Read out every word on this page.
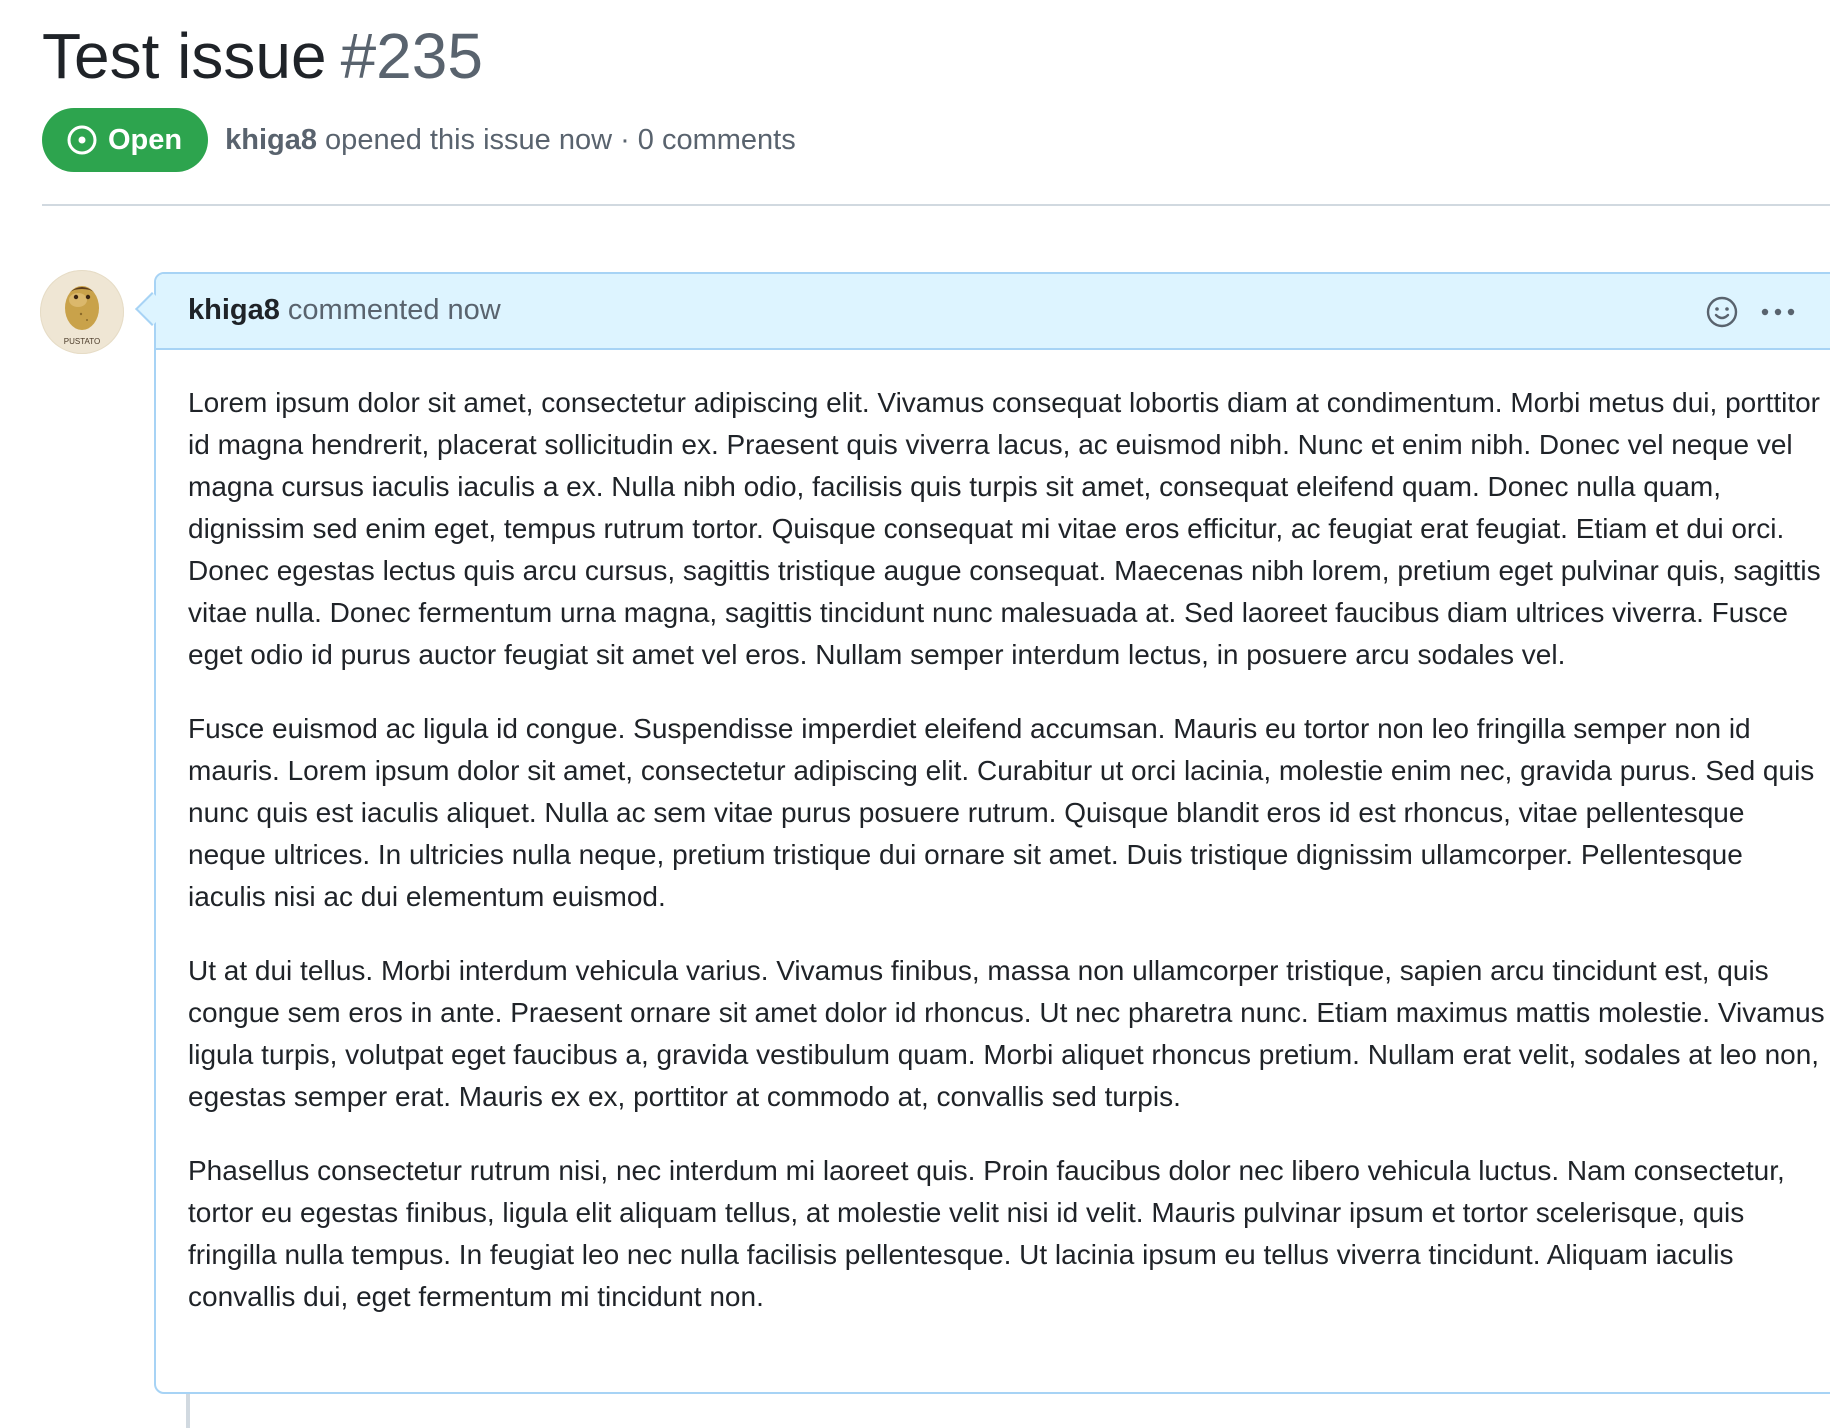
Test issue #235
Open khiga8 opened this issue now · 0 comments
PUSTATO
khiga8 commented now

Lorem ipsum dolor sit amet, consectetur adipiscing elit. Vivamus consequat lobortis diam at condimentum. Morbi metus dui, porttitor id magna hendrerit, placerat sollicitudin ex. Praesent quis viverra lacus, ac euismod nibh. Nunc et enim nibh. Donec vel neque vel magna cursus iaculis iaculis a ex. Nulla nibh odio, facilisis quis turpis sit amet, consequat eleifend quam. Donec nulla quam, dignissim sed enim eget, tempus rutrum tortor. Quisque consequat mi vitae eros efficitur, ac feugiat erat feugiat. Etiam et dui orci. Donec egestas lectus quis arcu cursus, sagittis tristique augue consequat. Maecenas nibh lorem, pretium eget pulvinar quis, sagittis vitae nulla. Donec fermentum urna magna, sagittis tincidunt nunc malesuada at. Sed laoreet faucibus diam ultrices viverra. Fusce eget odio id purus auctor feugiat sit amet vel eros. Nullam semper interdum lectus, in posuere arcu sodales vel.

Fusce euismod ac ligula id congue. Suspendisse imperdiet eleifend accumsan. Mauris eu tortor non leo fringilla semper non id mauris. Lorem ipsum dolor sit amet, consectetur adipiscing elit. Curabitur ut orci lacinia, molestie enim nec, gravida purus. Sed quis nunc quis est iaculis aliquet. Nulla ac sem vitae purus posuere rutrum. Quisque blandit eros id est rhoncus, vitae pellentesque neque ultrices. In ultricies nulla neque, pretium tristique dui ornare sit amet. Duis tristique dignissim ullamcorper. Pellentesque iaculis nisi ac dui elementum euismod.

Ut at dui tellus. Morbi interdum vehicula varius. Vivamus finibus, massa non ullamcorper tristique, sapien arcu tincidunt est, quis congue sem eros in ante. Praesent ornare sit amet dolor id rhoncus. Ut nec pharetra nunc. Etiam maximus mattis molestie. Vivamus ligula turpis, volutpat eget faucibus a, gravida vestibulum quam. Morbi aliquet rhoncus pretium. Nullam erat velit, sodales at leo non, egestas semper erat. Mauris ex ex, porttitor at commodo at, convallis sed turpis.

Phasellus consectetur rutrum nisi, nec interdum mi laoreet quis. Proin faucibus dolor nec libero vehicula luctus. Nam consectetur, tortor eu egestas finibus, ligula elit aliquam tellus, at molestie velit nisi id velit. Mauris pulvinar ipsum et tortor scelerisque, quis fringilla nulla tempus. In feugiat leo nec nulla facilisis pellentesque. Ut lacinia ipsum eu tellus viverra tincidunt. Aliquam iaculis convallis dui, eget fermentum mi tincidunt non.
